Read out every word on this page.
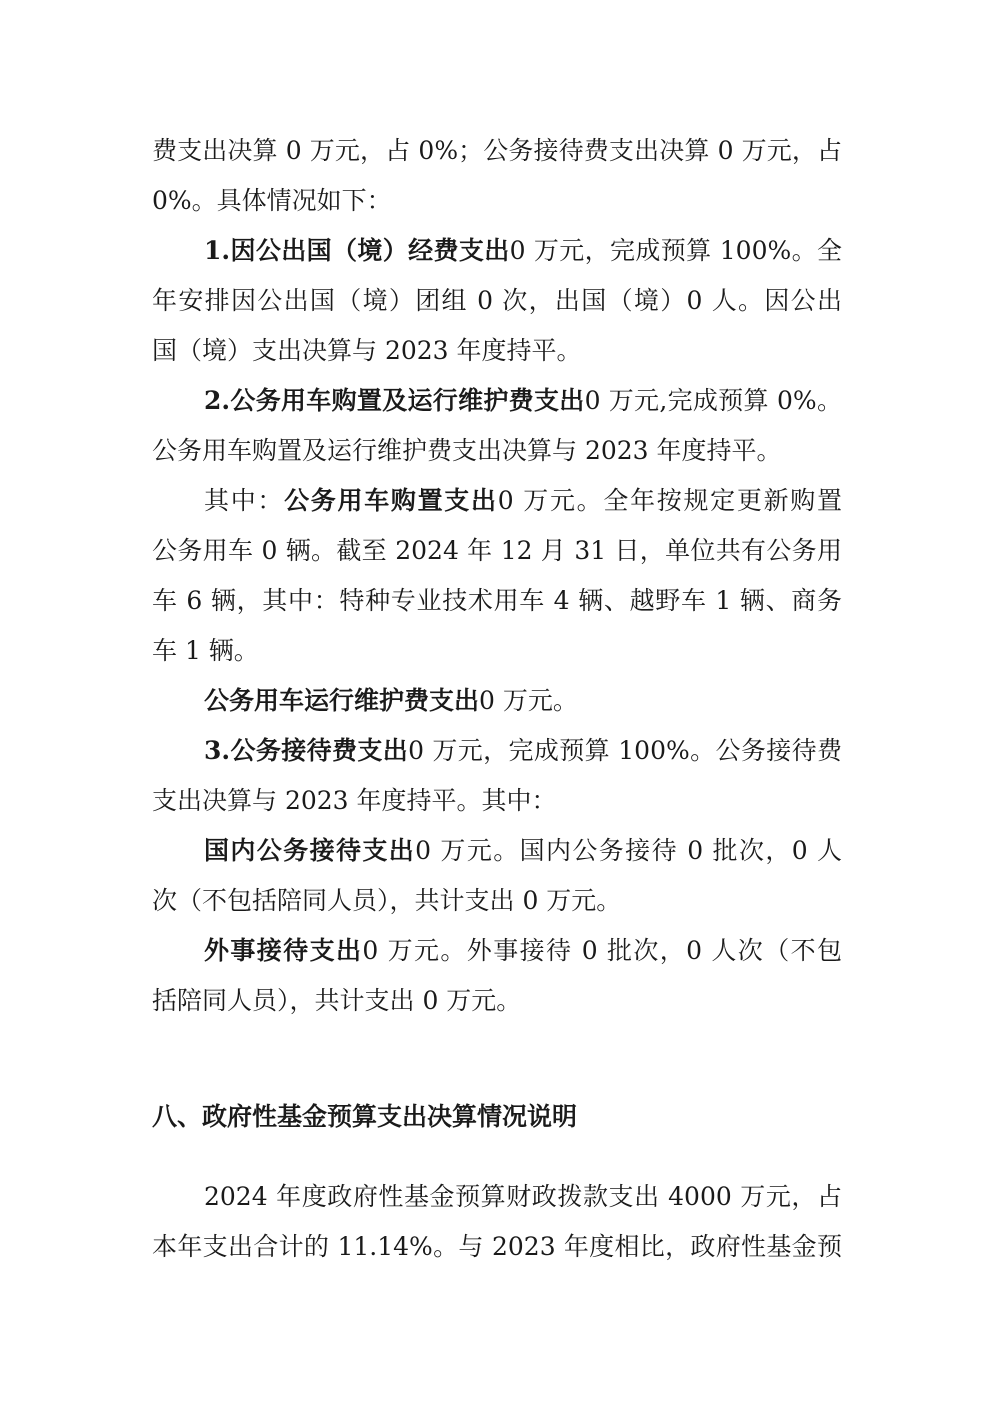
费支出决算 0 万元，占 0%；公务接待费支出决算 0 万元，占
0%。具体情况如下：
1.因公出国（境）经费支出0 万元，完成预算 100%。全
年安排因公出国（境）团组 0 次，出国（境）0 人。因公出
国（境）支出决算与 2023 年度持平。
2.公务用车购置及运行维护费支出0 万元,完成预算 0%。
公务用车购置及运行维护费支出决算与 2023 年度持平。
其中：公务用车购置支出0 万元。全年按规定更新购置
公务用车 0 辆。截至 2024 年 12 月 31 日，单位共有公务用
车 6 辆，其中：特种专业技术用车 4 辆、越野车 1 辆、商务
车 1 辆。
公务用车运行维护费支出0 万元。
3.公务接待费支出0 万元，完成预算 100%。公务接待费
支出决算与 2023 年度持平。其中：
国内公务接待支出0 万元。国内公务接待 0 批次，0 人
次（不包括陪同人员），共计支出 0 万元。
外事接待支出0 万元。外事接待 0 批次，0 人次（不包
括陪同人员），共计支出 0 万元。
八、政府性基金预算支出决算情况说明
2024 年度政府性基金预算财政拨款支出 4000 万元，占
本年支出合计的 11.14%。与 2023 年度相比，政府性基金预
